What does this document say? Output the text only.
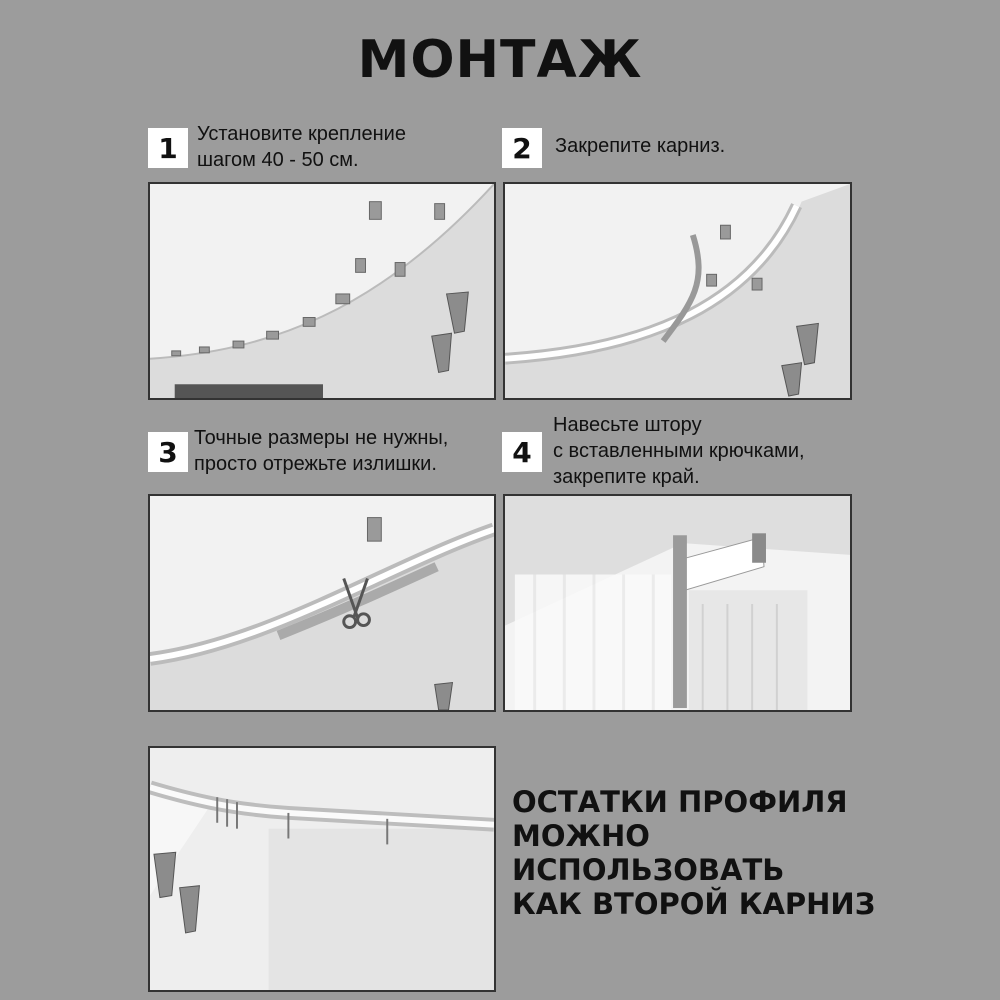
МОНТАЖ
1 Установите крепление
шагом 40 - 50 см.	2	Закрепите карниз.
3 Точные размеры не нужны,
просто отрежьте излишки.	4
Навесьте штору
с вставленными крючками,
закрепите край.
ОСТАТКИ ПРОФИЛЯ
МОЖНО
ИСПОЛЬЗОВАТЬ
КАК ВТОРОЙ КАРНИЗ
